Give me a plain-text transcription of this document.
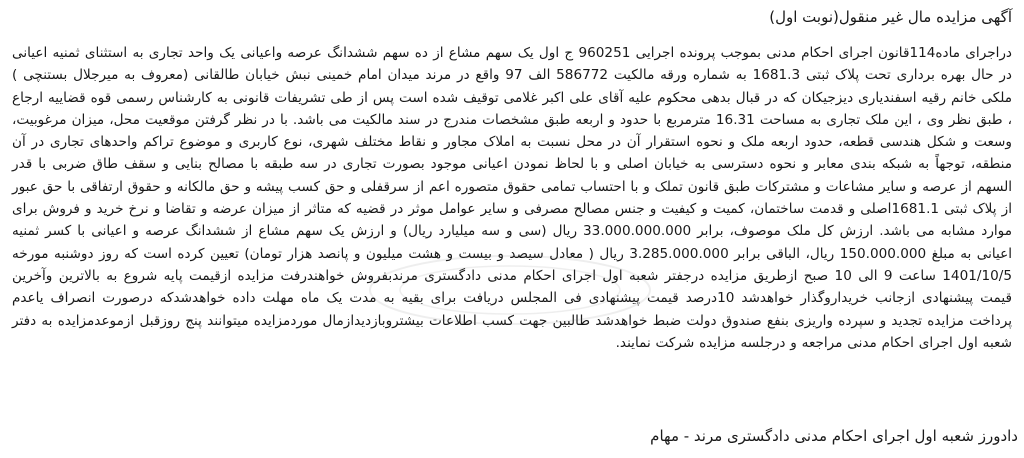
آگهی مزایده مال غیر منقول(نوبت اول)

دراجرای ماده114قانون اجرای احکام مدنی بموجب پرونده اجرایی 960251 ج اول یک سهم مشاع از ده سهم ششدانگ عرصه واعیانی یک واحد تجاری به استثنای ثمنیه اعیانی در حال بهره برداری تحت پلاک ثبتی 1681.3 به شماره ورقه مالکیت 586772 الف 97 واقع در مرند میدان امام خمینی نبش خیابان طالقانی (معروف به میرجلال بستنچی ) ملکی خانم رقیه اسفندیاری دیزجیکان که در قبال بدهی محکوم علیه آقای علی اکبر غلامی توقیف شده است پس از طی تشریفات قانونی به کارشناس رسمی قوه قضاییه ارجاع ، طبق نظر وی ، این ملک تجاری به مساحت 16.31 مترمربع با حدود و اربعه طبق مشخصات مندرج در سند مالکیت می باشد. با در نظر گرفتن موقعیت محل، میزان مرغوبیت، وسعت و شکل هندسی قطعه، حدود اربعه ملک و نحوه استقرار آن در محل نسبت به املاک مجاور و نقاط مختلف شهری، نوع کاربری و موضوع تراکم واحدهای تجاری در آن منطقه، توجهاً به شبکه بندی معابر و نحوه دسترسی به خیابان اصلی و با لحاظ نمودن اعیانی موجود بصورت تجاری در سه طبقه با مصالح بنایی و سقف طاق ضربی با قدر السهم از عرصه و سایر مشاعات و مشترکات طبق قانون تملک و با احتساب تمامی حقوق متصوره اعم از سرقفلی و حق کسب پیشه و حق مالکانه و حقوق ارتفاقی با حق عبور از پلاک ثبتی 1681.1اصلی و قدمت ساختمان، کمیت و کیفیت و جنس مصالح مصرفی و سایر عوامل موثر در قضیه که متاثر از میزان عرضه و تقاضا و نرخ خرید و فروش برای موارد مشابه می باشد. ارزش کل ملک موصوف، برابر 33.000.000.000 ریال (سی و سه میلیارد ریال) و ارزش یک سهم مشاع از ششدانگ عرصه و اعیانی با کسر ثمنیه اعیانی به مبلغ 150.000.000 ریال، الباقی برابر 3.285.000.000 ریال ( معادل سیصد و بیست و هشت میلیون و پانصد هزار تومان) تعیین کرده است که روز دوشنبه مورخه 1401/10/5 ساعت 9 الی 10 صبح ازطریق مزایده درجفتر شعبه اول اجرای احکام مدنی دادگستری مرندبفروش خواهندرفت مزایده ازقیمت پایه شروع به بالاترین وآخرین قیمت پیشنهادی ازجانب خریداروگذار خواهدشد 10درصد قیمت پیشنهادی فی المجلس دریافت برای بقیه به مدت یک ماه مهلت داده خواهدشدکه درصورت انصراف یاعدم پرداخت مزایده تجدید و سپرده واریزی بنفع صندوق دولت ضبط خواهدشد طالبین جهت کسب اطلاعات بیشتروبازدیدازمال موردمزایده میتوانند پنج روزقبل ازموعدمزایده به دفتر شعبه اول اجرای احکام مدنی مراجعه و درجلسه مزایده شرکت نمایند.

دادورز شعبه اول اجرای احکام مدنی دادگستری مرند - مهام
